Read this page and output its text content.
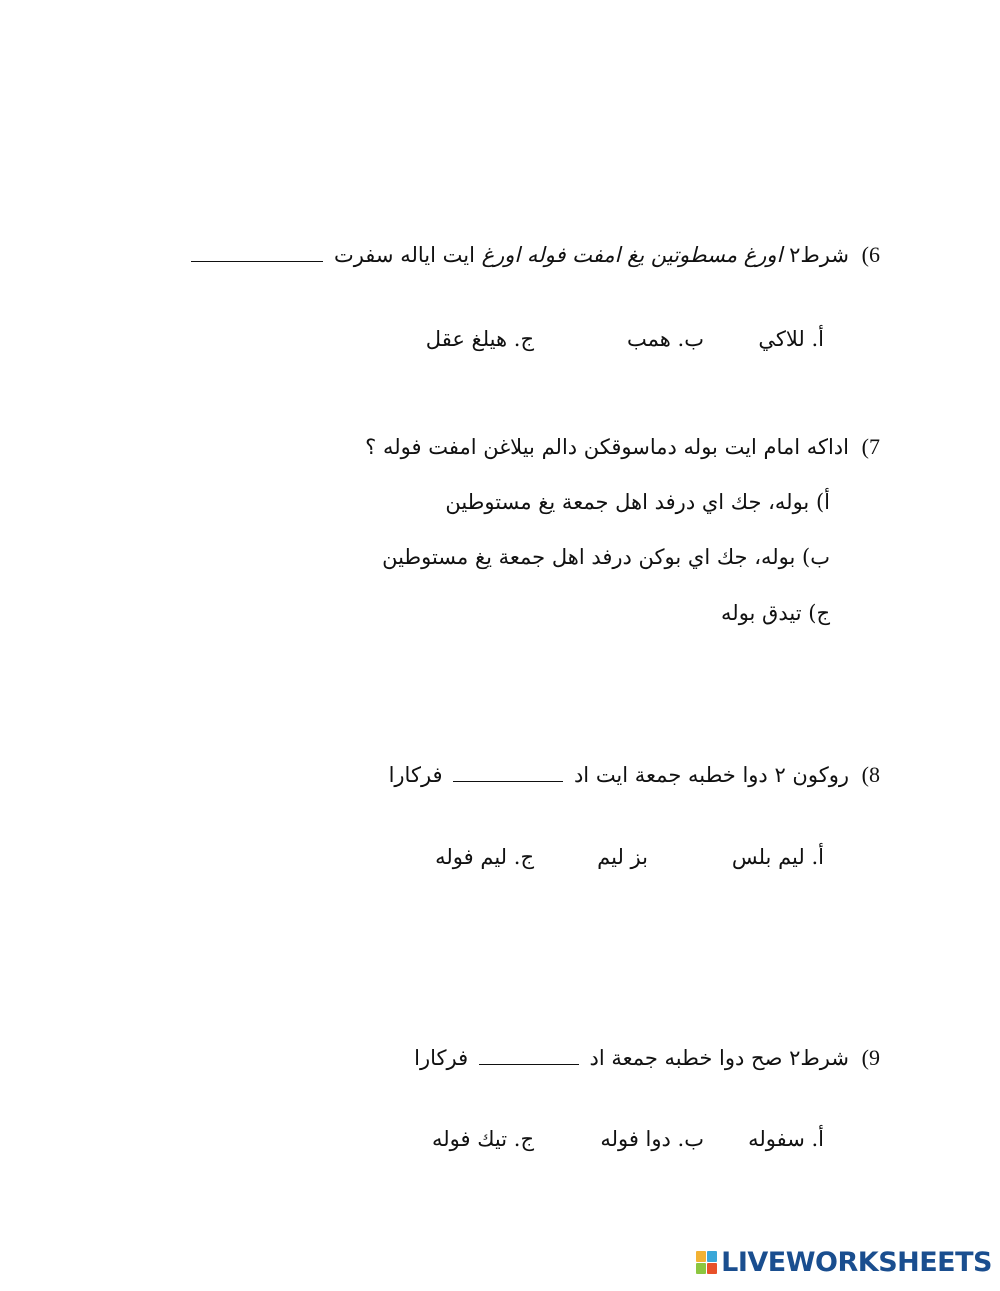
6) شرط٢ اورغ مسطوتين يغ امفت فوله اورغ ايت اياله سفرت
أ. للاكي
ب. همب
ج. هيلغ عقل
7) اداكه امام ايت بوله دماسوقكن دالم بيلاغن امفت فوله ؟
أ) بوله، جك اي درفد اهل جمعة يغ مستوطين
ب) بوله، جك اي بوكن درفد اهل جمعة يغ مستوطين
ج) تيدق بوله
8) روكون ٢ دوا خطبه جمعة ايت اد  فركارا
أ. ليم بلس
بز ليم
ج. ليم فوله
9) شرط٢ صح دوا خطبه جمعة اد  فركارا
أ. سفوله
ب. دوا فوله
ج. تيك فوله
LIVEWORKSHEETS
